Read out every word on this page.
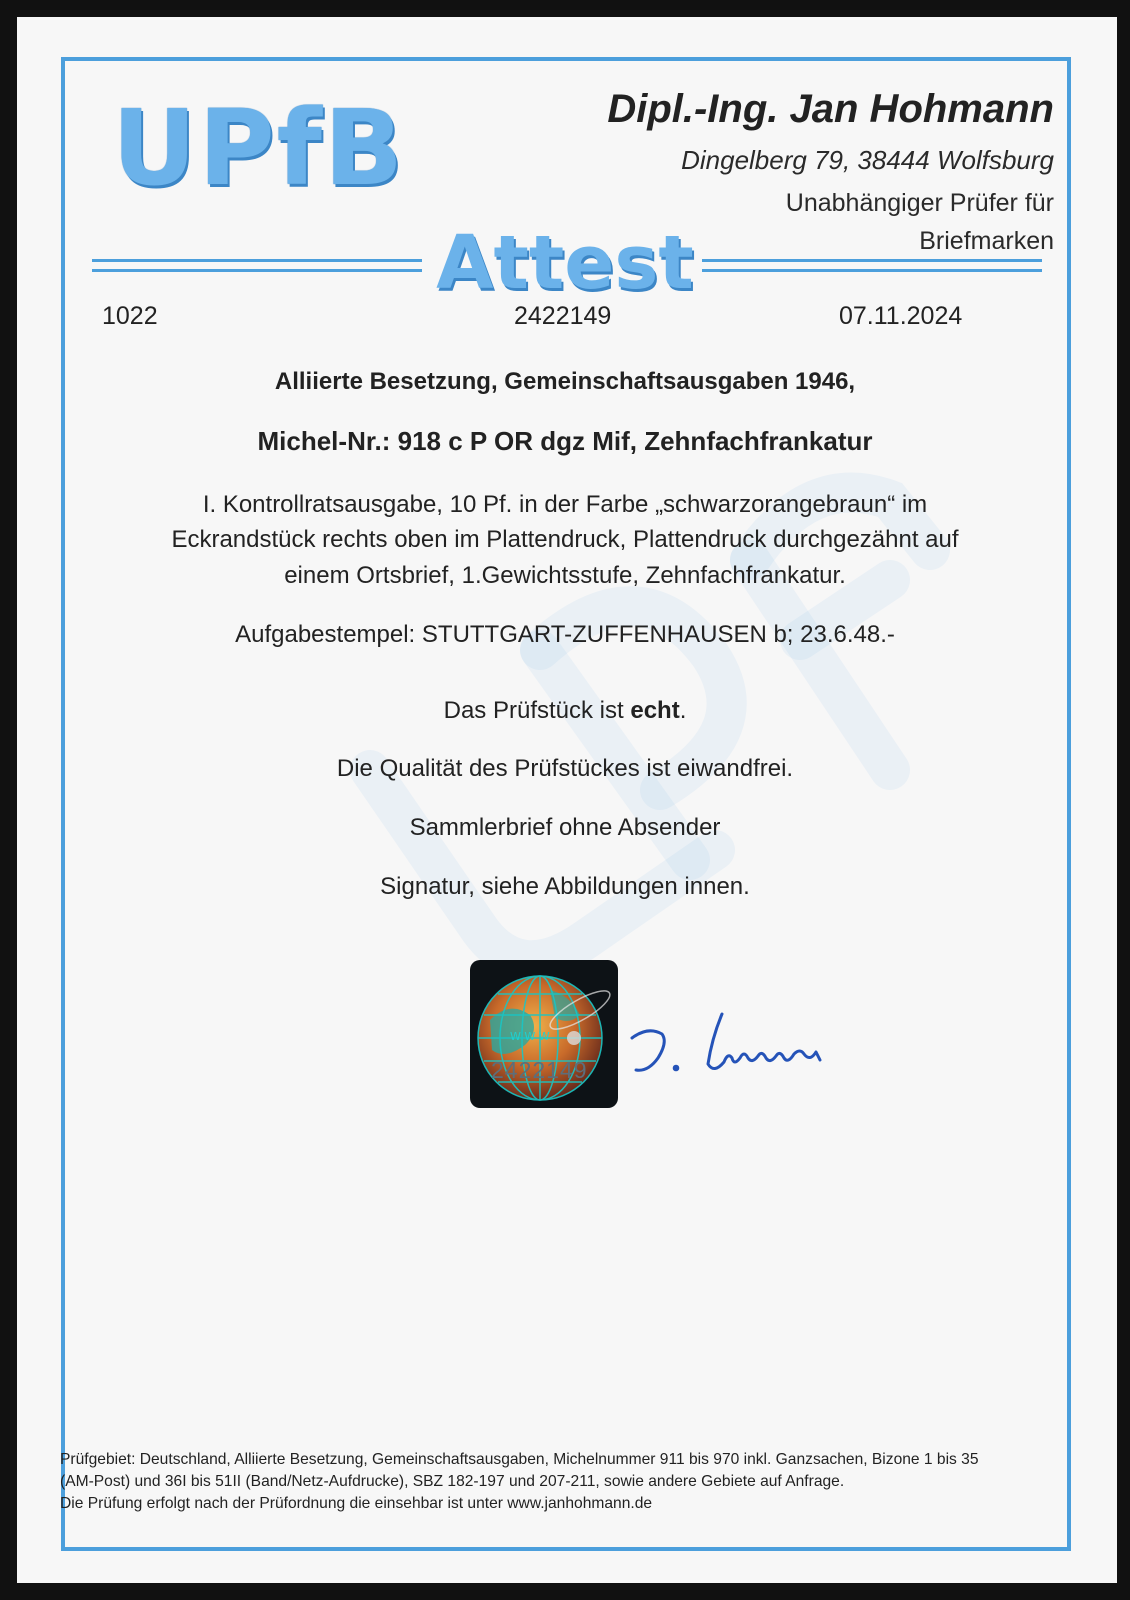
UPfB	Dipl.-Ing. Jan Hohmann
Dingelberg 79, 38444 Wolfsburg
Unabhängiger Prüfer für Briefmarken
Attest
1022	2422149	07.11.2024
Alliierte Besetzung, Gemeinschaftsausgaben 1946,
Michel-Nr.: 918 c P OR dgz Mif, Zehnfachfrankatur
I. Kontrollratsausgabe, 10 Pf. in der Farbe „schwarzorangebraun“ im
Eckrandstück rechts oben im Plattendruck, Plattendruck durchgezähnt auf
einem Ortsbrief, 1.Gewichtsstufe, Zehnfachfrankatur.
Aufgabestempel: STUTTGART-ZUFFENHAUSEN b; 23.6.48.-
Das Prüfstück ist echt.
Die Qualität des Prüfstückes ist eiwandfrei.
Sammlerbrief ohne Absender
Signatur, siehe Abbildungen innen.
W W W
2422149
Prüfgebiet: Deutschland, Alliierte Besetzung, Gemeinschaftsausgaben, Michelnummer 911 bis 970 inkl. Ganzsachen, Bizone 1 bis 35
(AM-Post) und 36I bis 51II (Band/Netz-Aufdrucke), SBZ 182-197 und 207-211, sowie andere Gebiete auf Anfrage.
Die Prüfung erfolgt nach der Prüfordnung die einsehbar ist unter www.janhohmann.de
